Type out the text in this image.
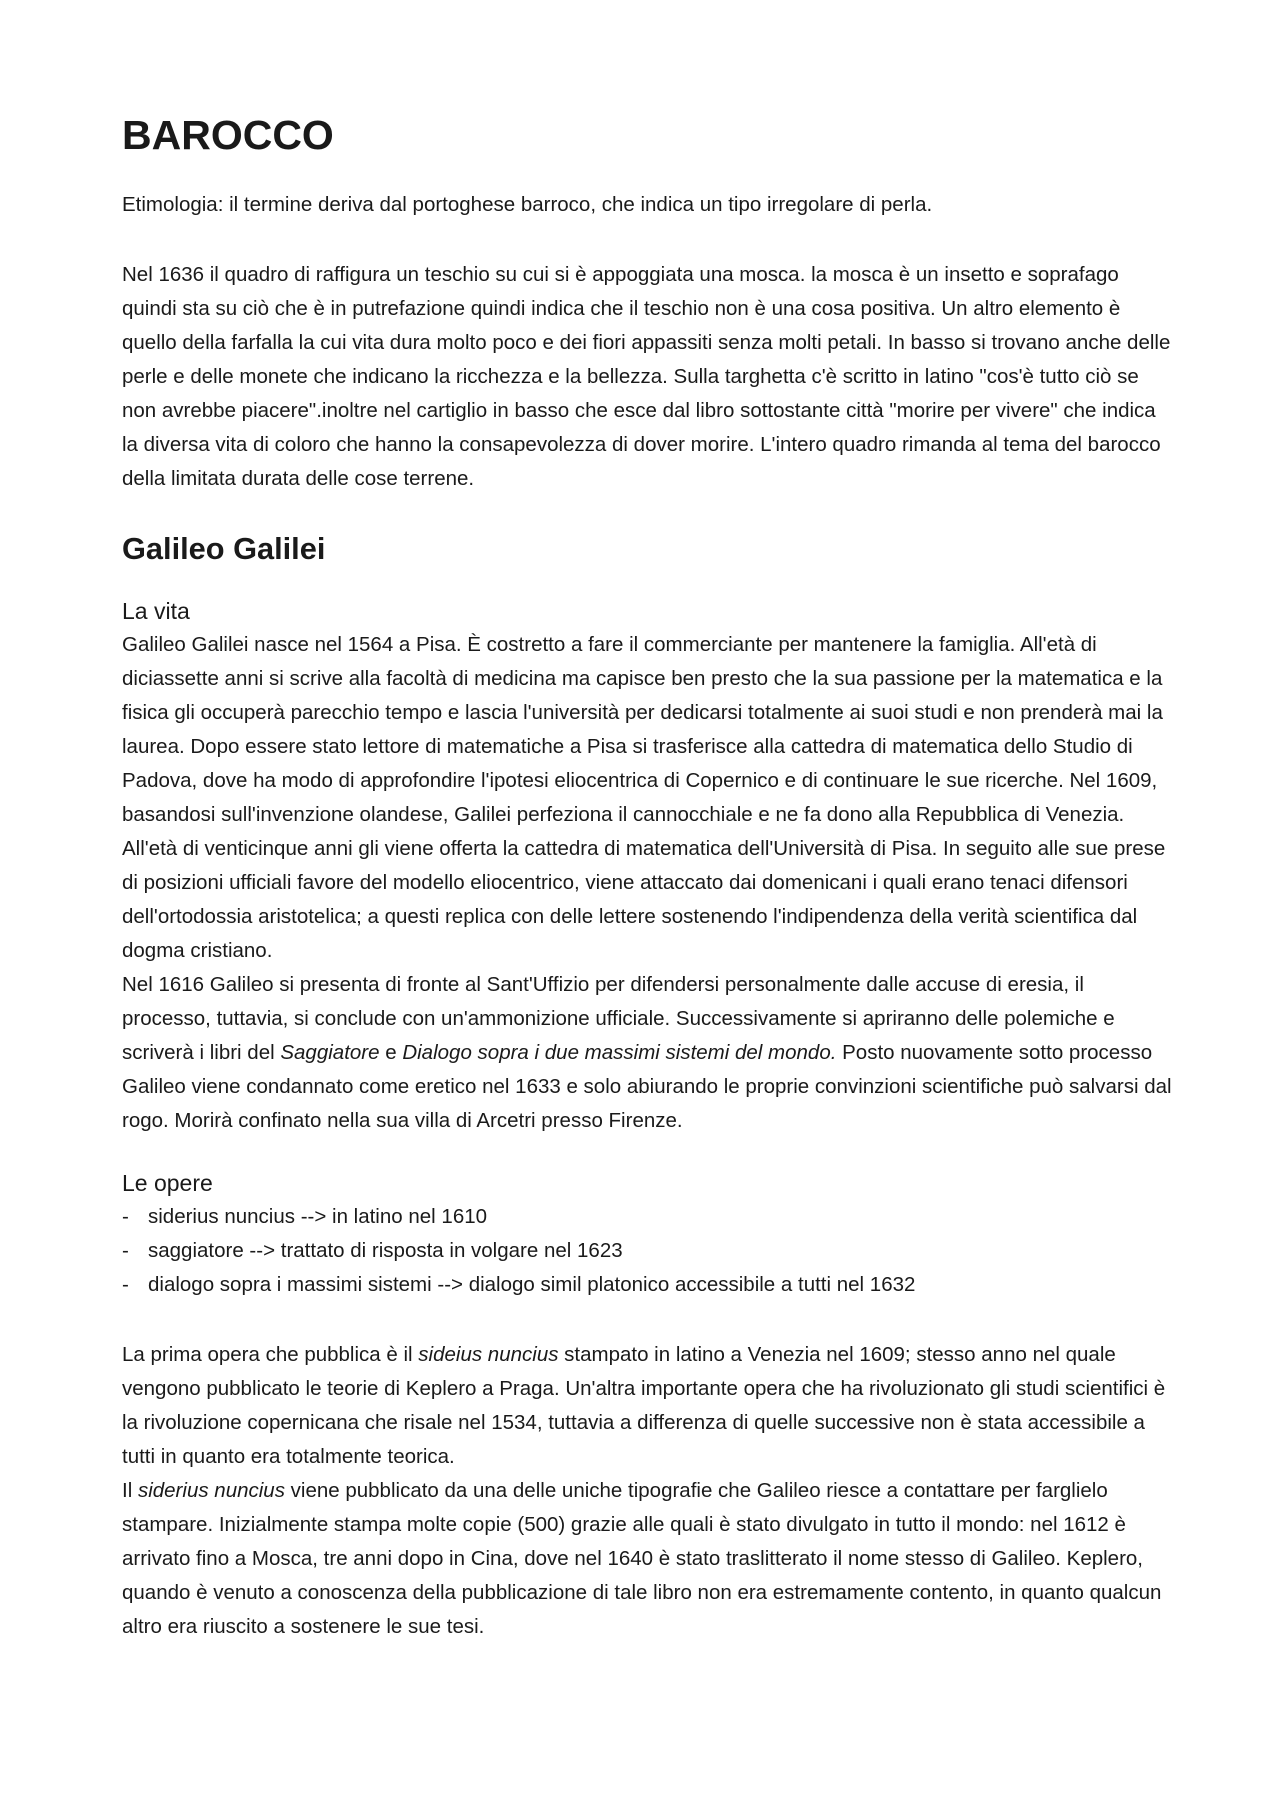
BAROCCO

Etimologia: il termine deriva dal portoghese barroco, che indica un tipo irregolare di perla.

Nel 1636 il quadro di raffigura un teschio su cui si è appoggiata una mosca. la mosca è un insetto e soprafago quindi sta su ciò che è in putrefazione quindi indica che il teschio non è una cosa positiva. Un altro elemento è quello della farfalla la cui vita dura molto poco e dei fiori appassiti senza molti petali. In basso si trovano anche delle perle e delle monete che indicano la ricchezza e la bellezza. Sulla targhetta c'è scritto in latino "cos'è tutto ciò se non avrebbe piacere".inoltre nel cartiglio in basso che esce dal libro sottostante città "morire per vivere" che indica la diversa vita di coloro che hanno la consapevolezza di dover morire. L'intero quadro rimanda al tema del barocco della limitata durata delle cose terrene.

Galileo Galilei
La vita

Galileo Galilei nasce nel 1564 a Pisa. È costretto a fare il commerciante per mantenere la famiglia. All'età di diciassette anni si scrive alla facoltà di medicina ma capisce ben presto che la sua passione per la matematica e la fisica gli occuperà parecchio tempo e lascia l'università per dedicarsi totalmente ai suoi studi e non prenderà mai la laurea. Dopo essere stato lettore di matematiche a Pisa si trasferisce alla cattedra di matematica dello Studio di Padova, dove ha modo di approfondire l'ipotesi eliocentrica di Copernico e di continuare le sue ricerche. Nel 1609, basandosi sull'invenzione olandese, Galilei perfeziona il cannocchiale e ne fa dono alla Repubblica di Venezia. All'età di venticinque anni gli viene offerta la cattedra di matematica dell'Università di Pisa. In seguito alle sue prese di posizioni ufficiali favore del modello eliocentrico, viene attaccato dai domenicani i quali erano tenaci difensori dell'ortodossia aristotelica; a questi replica con delle lettere sostenendo l'indipendenza della verità scientifica dal dogma cristiano.

Nel 1616 Galileo si presenta di fronte al Sant'Uffizio per difendersi personalmente dalle accuse di eresia, il processo, tuttavia, si conclude con un'ammonizione ufficiale. Successivamente si apriranno delle polemiche e scriverà i libri del Saggiatore e Dialogo sopra i due massimi sistemi del mondo. Posto nuovamente sotto processo Galileo viene condannato come eretico nel 1633 e solo abiurando le proprie convinzioni scientifiche può salvarsi dal rogo. Morirà confinato nella sua villa di Arcetri presso Firenze.

Le opere
- siderius nuncius --> in latino nel 1610
- saggiatore --> trattato di risposta in volgare nel 1623
- dialogo sopra i massimi sistemi --> dialogo simil platonico accessibile a tutti nel 1632

La prima opera che pubblica è il sideius nuncius stampato in latino a Venezia nel 1609; stesso anno nel quale vengono pubblicato le teorie di Keplero a Praga. Un'altra importante opera che ha rivoluzionato gli studi scientifici è la rivoluzione copernicana che risale nel 1534, tuttavia a differenza di quelle successive non è stata accessibile a tutti in quanto era totalmente teorica.

Il siderius nuncius viene pubblicato da una delle uniche tipografie che Galileo riesce a contattare per farglielo stampare. Inizialmente stampa molte copie (500) grazie alle quali è stato divulgato in tutto il mondo: nel 1612 è arrivato fino a Mosca, tre anni dopo in Cina, dove nel 1640 è stato traslitterato il nome stesso di Galileo. Keplero, quando è venuto a conoscenza della pubblicazione di tale libro non era estremamente contento, in quanto qualcun altro era riuscito a sostenere le sue tesi.
